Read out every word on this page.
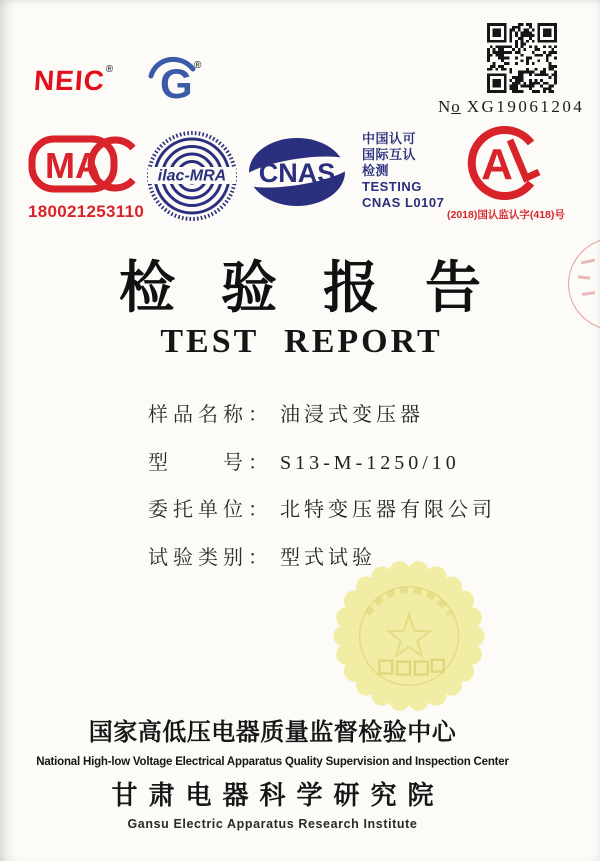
No XG19061204
NEIC® G ®
MA
180021253110
ilac-MRA CNAS
中国认可
国际互认
检测
TESTING
CNAS L0107
A
(2018)国认监认字(418)号
检验报告
TEST REPORT
样品名称： 油浸式变压器
型　　号： S13-M-1250/10
委托单位： 北特变压器有限公司
试验类别： 型式试验
国家高低压电器质量监督检验中心
National High-low Voltage Electrical Apparatus Quality Supervision and Inspection Center
甘肃电器科学研究院
Gansu Electric Apparatus Research Institute
